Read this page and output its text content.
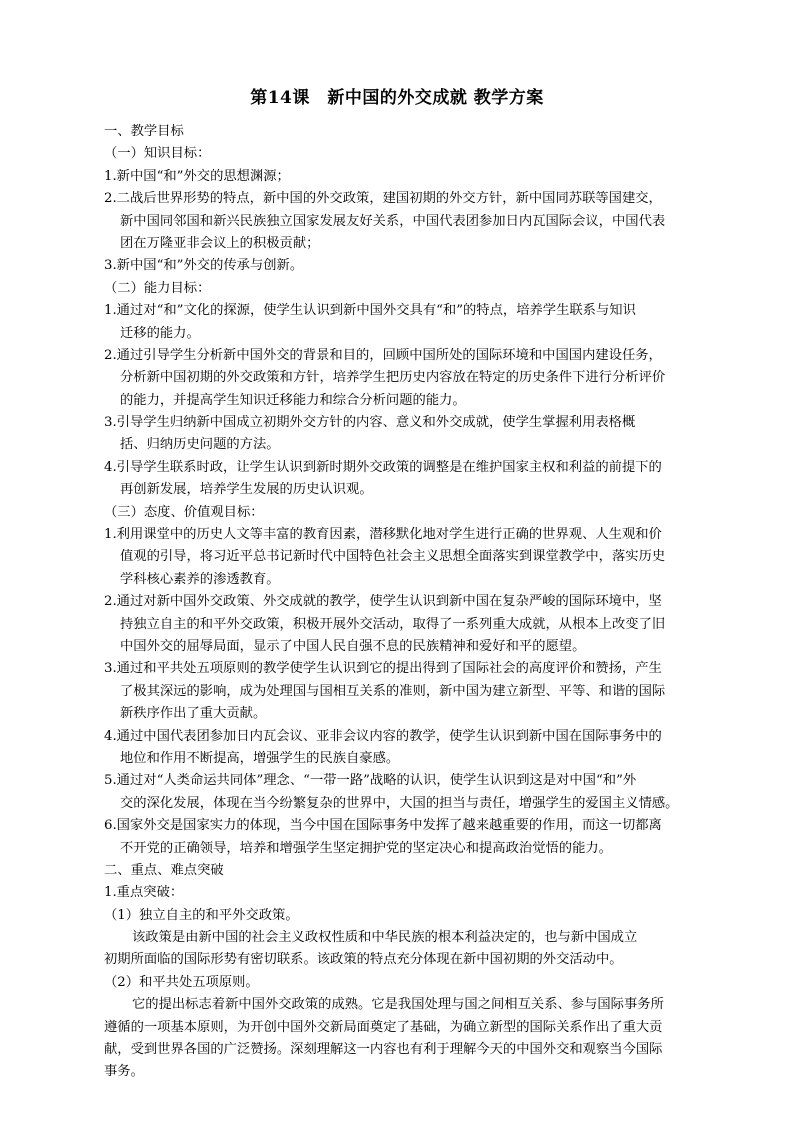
第14课　新中国的外交成就 教学方案
一、教学目标
（一）知识目标：
1.新中国“和”外交的思想渊源；
2.二战后世界形势的特点，新中国的外交政策，建国初期的外交方针，新中国同苏联等国建交，
新中国同邻国和新兴民族独立国家发展友好关系，中国代表团参加日内瓦国际会议，中国代表
团在万隆亚非会议上的积极贡献；
3.新中国“和”外交的传承与创新。
（二）能力目标：
1.通过对“和”文化的探源，使学生认识到新中国外交具有“和”的特点，培养学生联系与知识
迁移的能力。
2.通过引导学生分析新中国外交的背景和目的，回顾中国所处的国际环境和中国国内建设任务，
分析新中国初期的外交政策和方针，培养学生把历史内容放在特定的历史条件下进行分析评价
的能力，并提高学生知识迁移能力和综合分析问题的能力。
3.引导学生归纳新中国成立初期外交方针的内容、意义和外交成就，使学生掌握利用表格概
括、归纳历史问题的方法。
4.引导学生联系时政，让学生认识到新时期外交政策的调整是在维护国家主权和利益的前提下的
再创新发展，培养学生发展的历史认识观。
（三）态度、价值观目标：
1.利用课堂中的历史人文等丰富的教育因素，潜移默化地对学生进行正确的世界观、人生观和价
值观的引导，将习近平总书记新时代中国特色社会主义思想全面落实到课堂教学中，落实历史
学科核心素养的渗透教育。
2.通过对新中国外交政策、外交成就的教学，使学生认识到新中国在复杂严峻的国际环境中，坚
持独立自主的和平外交政策，积极开展外交活动，取得了一系列重大成就，从根本上改变了旧
中国外交的屈辱局面，显示了中国人民自强不息的民族精神和爱好和平的愿望。
3.通过和平共处五项原则的教学使学生认识到它的提出得到了国际社会的高度评价和赞扬，产生
了极其深远的影响，成为处理国与国相互关系的准则，新中国为建立新型、平等、和谐的国际
新秩序作出了重大贡献。
4.通过中国代表团参加日内瓦会议、亚非会议内容的教学，使学生认识到新中国在国际事务中的
地位和作用不断提高，增强学生的民族自豪感。
5.通过对“人类命运共同体”理念、“一带一路”战略的认识，使学生认识到这是对中国“和”外
交的深化发展，体现在当今纷繁复杂的世界中，大国的担当与责任，增强学生的爱国主义情感。
6.国家外交是国家实力的体现，当今中国在国际事务中发挥了越来越重要的作用，而这一切都离
不开党的正确领导，培养和增强学生坚定拥护党的坚定决心和提高政治觉悟的能力。
二、重点、难点突破
1.重点突破：
（1）独立自主的和平外交政策。
该政策是由新中国的社会主义政权性质和中华民族的根本利益决定的，也与新中国成立
初期所面临的国际形势有密切联系。该政策的特点充分体现在新中国初期的外交活动中。
（2）和平共处五项原则。
它的提出标志着新中国外交政策的成熟。它是我国处理与国之间相互关系、参与国际事务所
遵循的一项基本原则，为开创中国外交新局面奠定了基础，为确立新型的国际关系作出了重大贡
献，受到世界各国的广泛赞扬。深刻理解这一内容也有利于理解今天的中国外交和观察当今国际
事务。
